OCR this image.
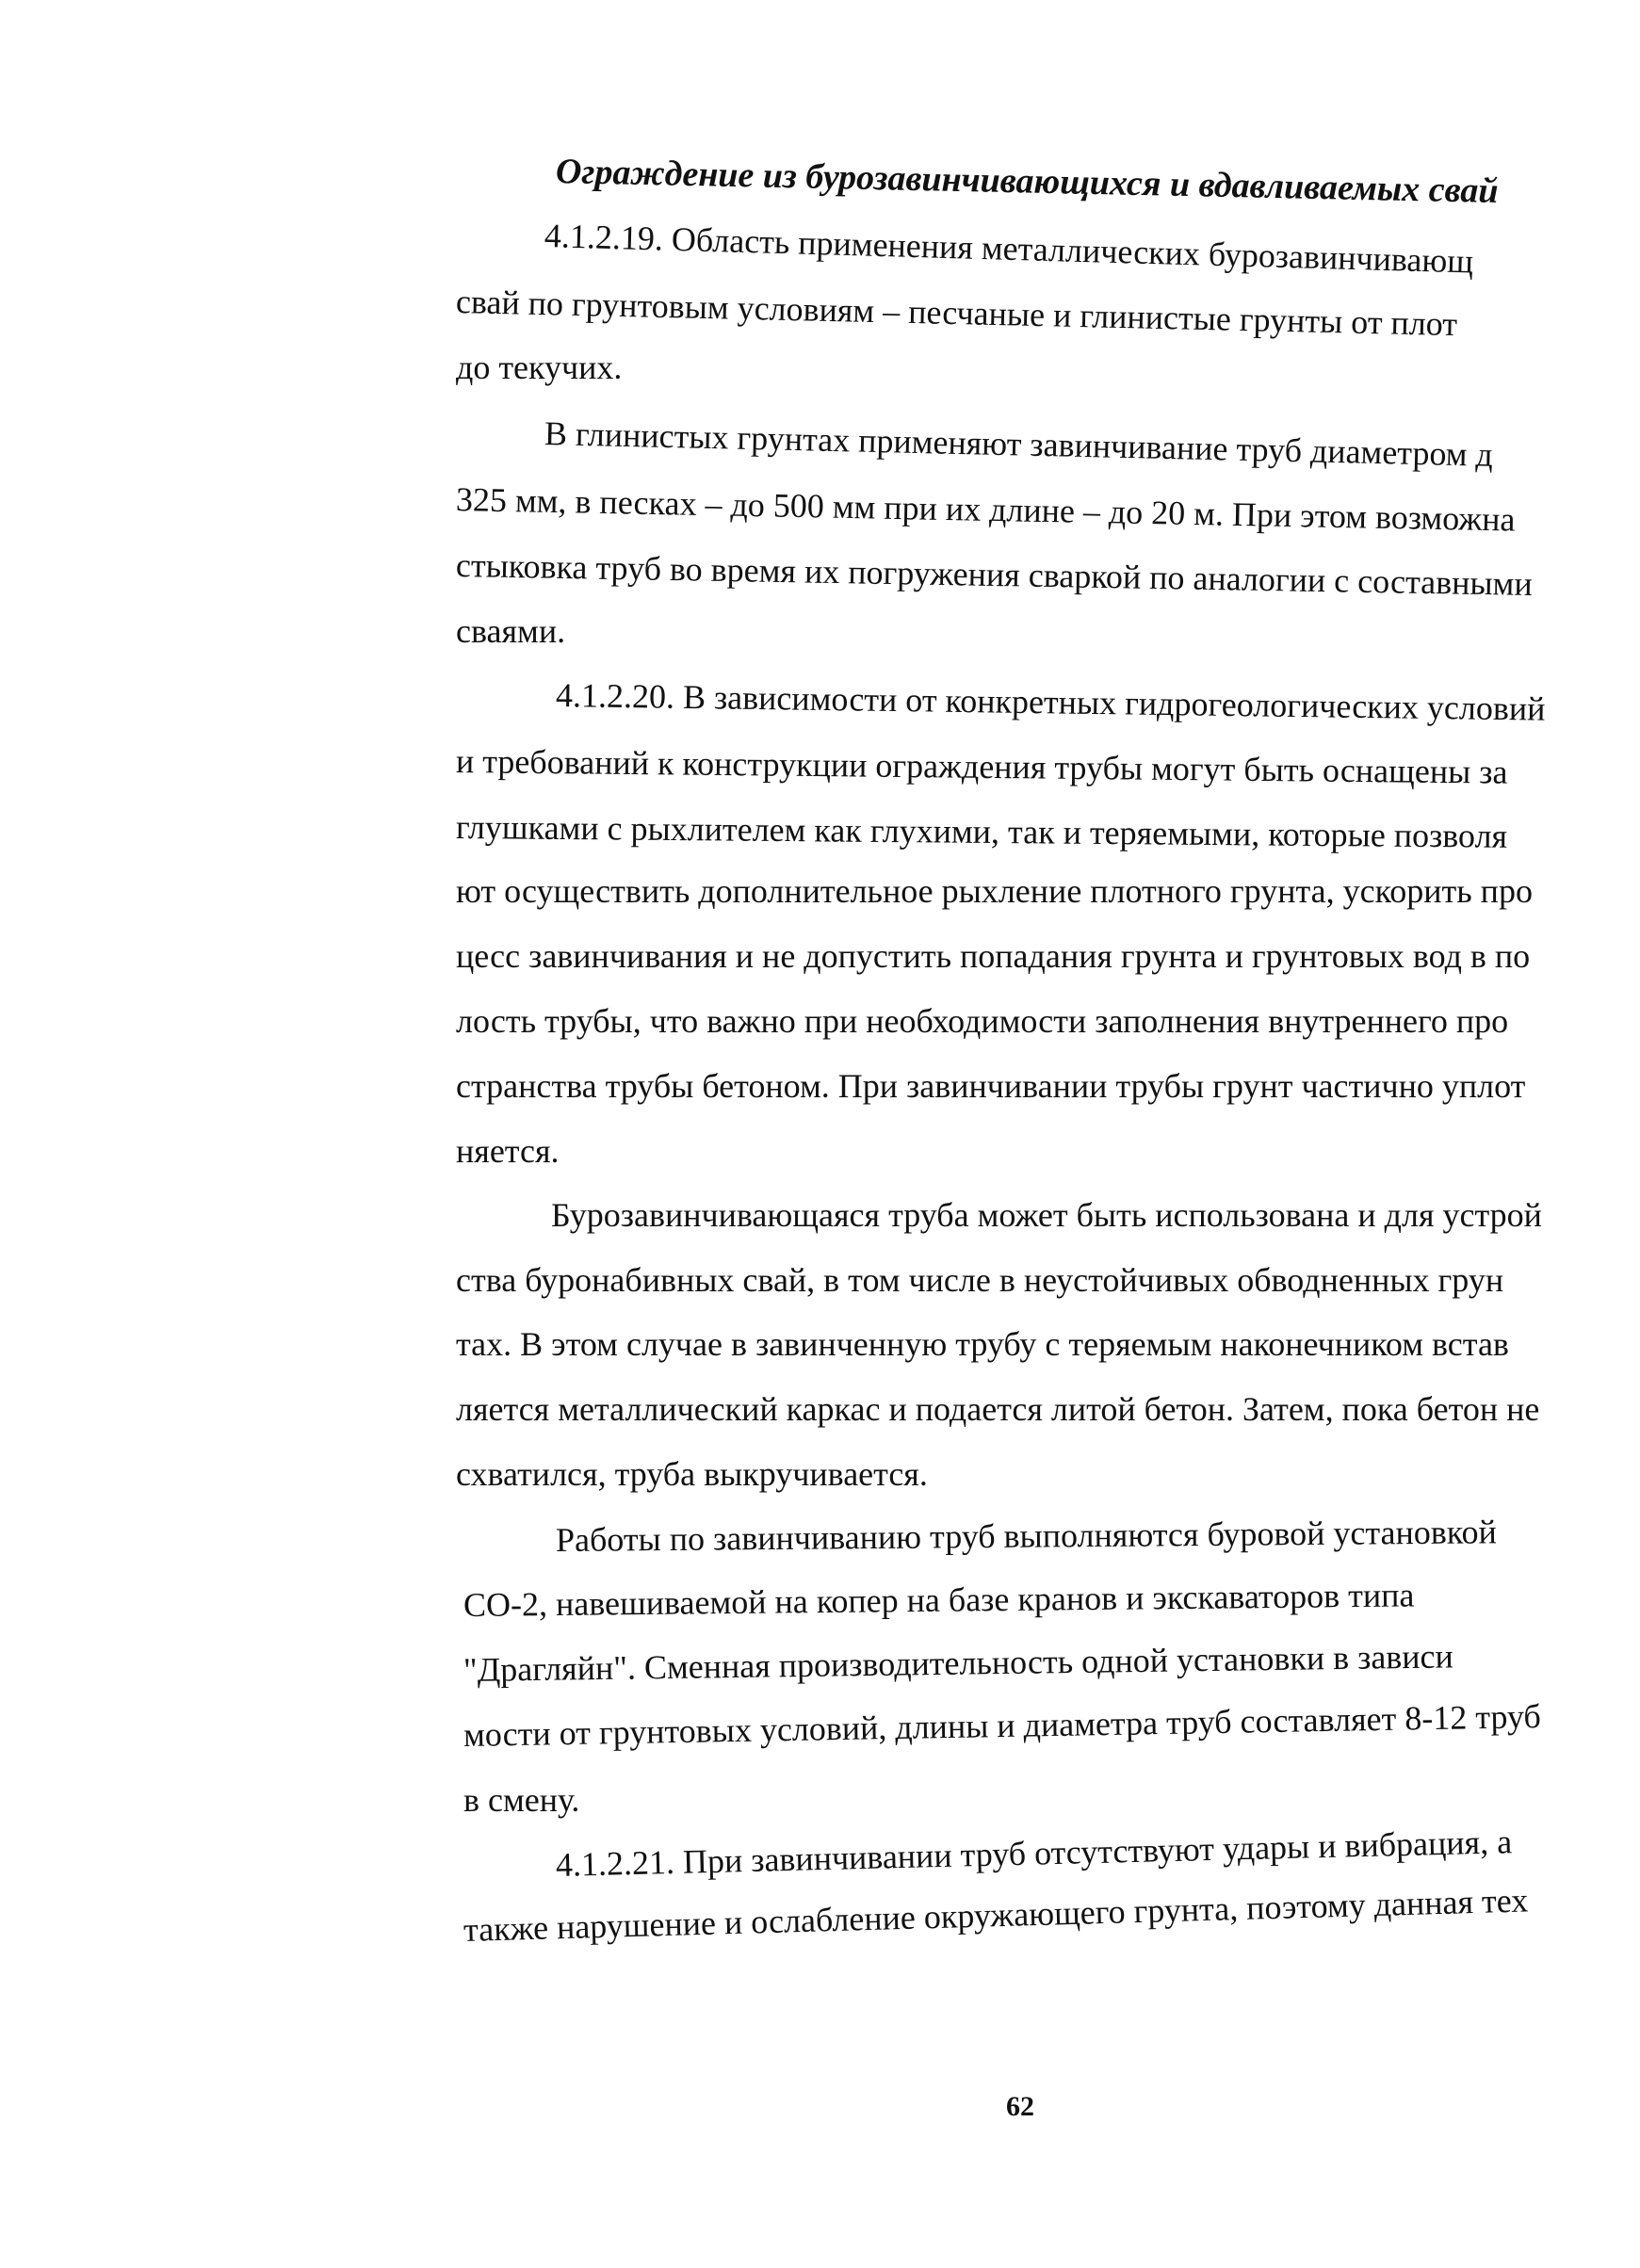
Ограждение из бурозавинчивающихся и вдавливаемых свай
4.1.2.19. Область применения металлических бурозавинчивающ
свай по грунтовым условиям – песчаные и глинистые грунты от плот
до текучих.
В глинистых грунтах применяют завинчивание труб диаметром д
325 мм, в песках – до 500 мм при их длине – до 20 м. При этом возможна
стыковка труб во время их погружения сваркой по аналогии с составными
сваями.
4.1.2.20. В зависимости от конкретных гидрогеологических условий
и требований к конструкции ограждения трубы могут быть оснащены за
глушками с рыхлителем как глухими, так и теряемыми, которые позволя
ют осуществить дополнительное рыхление плотного грунта, ускорить про
цесс завинчивания и не допустить попадания грунта и грунтовых вод в по
лость трубы, что важно при необходимости заполнения внутреннего про
странства трубы бетоном. При завинчивании трубы грунт частично уплот
няется.
Бурозавинчивающаяся труба может быть использована и для устрой
ства буронабивных свай, в том числе в неустойчивых обводненных грун
тах. В этом случае в завинченную трубу с теряемым наконечником встав
ляется металлический каркас и подается литой бетон. Затем, пока бетон не
схватился, труба выкручивается.
Работы по завинчиванию труб выполняются буровой установкой
СО-2, навешиваемой на копер на базе кранов и экскаваторов типа
"Драгляйн". Сменная производительность одной установки в зависи
мости от грунтовых условий, длины и диаметра труб составляет 8-12 труб
в смену.
4.1.2.21. При завинчивании труб отсутствуют удары и вибрация, а
также нарушение и ослабление окружающего грунта, поэтому данная тех
62
